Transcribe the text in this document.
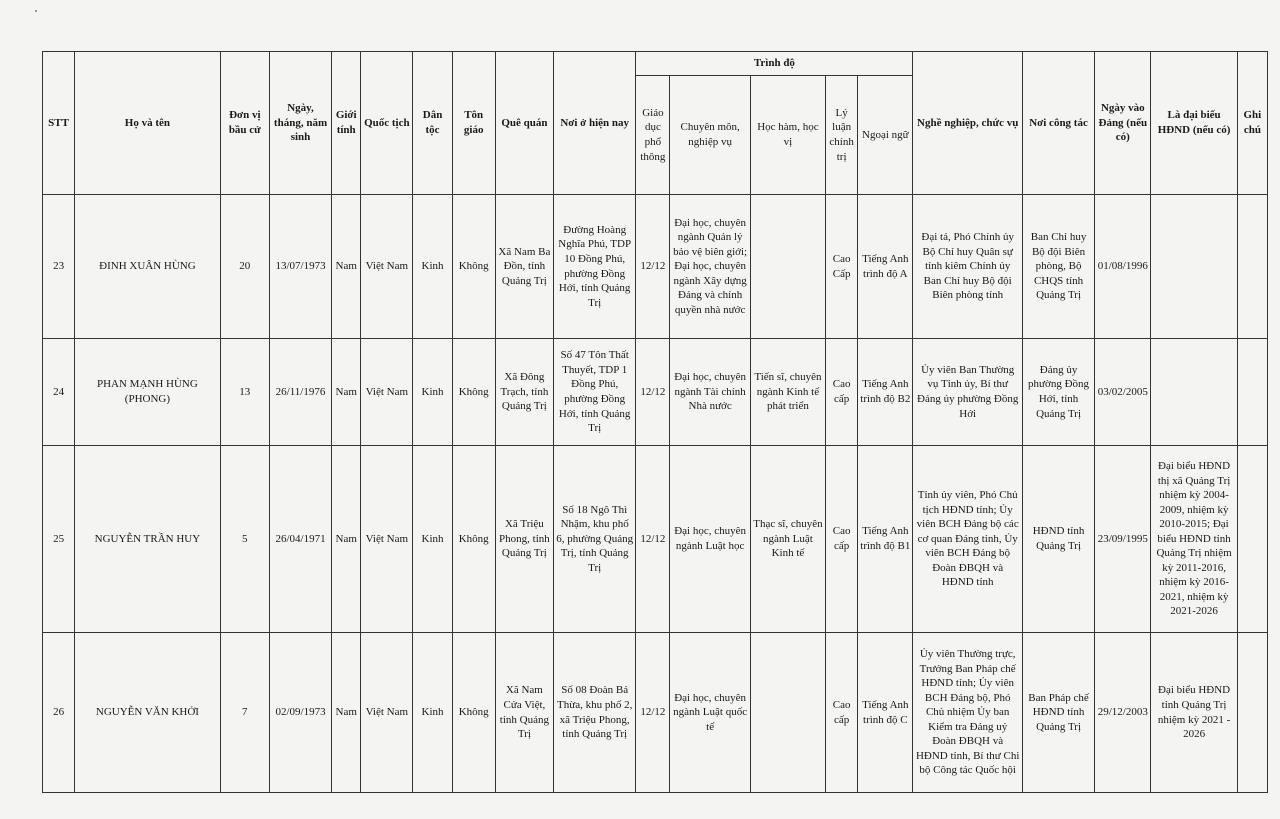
STT	Họ và tên	Đơn vị bầu cử	Ngày, tháng, năm sinh	Giới tính	Quốc tịch	Dân tộc	Tôn giáo	Quê quán	Nơi ở hiện nay	Trình độ					Nghề nghiệp, chức vụ	Nơi công tác	Ngày vào Đảng (nếu có)	Là đại biểu HĐND (nếu có)	Ghi chú
										Giáo dục phổ thông	Chuyên môn, nghiệp vụ	Học hàm, học vị	Lý luận chính trị	Ngoại ngữ					
23	ĐINH XUÂN HÙNG	20	13/07/1973	Nam	Việt Nam	Kinh	Không	Xã Nam Ba Đồn, tỉnh Quảng Trị	Đường Hoàng Nghĩa Phú, TDP 10 Đồng Phú, phường Đồng Hới, tỉnh Quảng Trị	12/12	Đại học, chuyên ngành Quản lý bảo vệ biên giới; Đại học, chuyên ngành Xây dựng Đảng và chính quyền nhà nước		Cao Cấp	Tiếng Anh trình độ A	Đại tá, Phó Chính ủy Bộ Chỉ huy Quân sự tỉnh kiêm Chính ủy Ban Chỉ huy Bộ đội Biên phòng tỉnh	Ban Chỉ huy Bộ đội Biên phòng, Bộ CHQS tỉnh Quảng Trị	01/08/1996		
24	PHAN MẠNH HÙNG (PHONG)	13	26/11/1976	Nam	Việt Nam	Kinh	Không	Xã Đông Trạch, tỉnh Quảng Trị	Số 47 Tôn Thất Thuyết, TDP 1 Đồng Phú, phường Đồng Hới, tỉnh Quảng Trị	12/12	Đại học, chuyên ngành Tài chính Nhà nước	Tiến sĩ, chuyên ngành Kinh tế phát triển	Cao cấp	Tiếng Anh trình độ B2	Ủy viên Ban Thường vụ Tỉnh ủy, Bí thư Đảng ủy phường Đồng Hới	Đảng ủy phường Đồng Hới, tỉnh Quảng Trị	03/02/2005		
25	NGUYỄN TRẦN HUY	5	26/04/1971	Nam	Việt Nam	Kinh	Không	Xã Triệu Phong, tỉnh Quảng Trị	Số 18 Ngô Thì Nhậm, khu phố 6, phường Quảng Trị, tỉnh Quảng Trị	12/12	Đại học, chuyên ngành Luật học	Thạc sĩ, chuyên ngành Luật Kinh tế	Cao cấp	Tiếng Anh trình độ B1	Tỉnh ủy viên, Phó Chủ tịch HĐND tỉnh; Ủy viên BCH Đảng bộ các cơ quan Đảng tỉnh, Ủy viên BCH Đảng bộ Đoàn ĐBQH và HĐND tỉnh	HĐND tỉnh Quảng Trị	23/09/1995	Đại biểu HĐND thị xã Quảng Trị nhiệm kỳ 2004-2009, nhiệm kỳ 2010-2015; Đại biểu HĐND tỉnh Quảng Trị nhiệm kỳ 2011-2016, nhiệm kỳ 2016-2021, nhiệm kỳ 2021-2026	
26	NGUYỄN VĂN KHỞI	7	02/09/1973	Nam	Việt Nam	Kinh	Không	Xã Nam Cửa Việt, tỉnh Quảng Trị	Số 08 Đoàn Bá Thừa, khu phố 2, xã Triệu Phong, tỉnh Quảng Trị	12/12	Đại học, chuyên ngành Luật quốc tế		Cao cấp	Tiếng Anh trình độ C	Ủy viên Thường trực, Trưởng Ban Pháp chế HĐND tỉnh; Ủy viên BCH Đảng bộ, Phó Chủ nhiệm Ủy ban Kiểm tra Đảng uỷ Đoàn ĐBQH và HĐND tỉnh, Bí thư Chi bộ Công tác Quốc hội	Ban Pháp chế HĐND tỉnh Quảng Trị	29/12/2003	Đại biểu HĐND tỉnh Quảng Trị nhiệm kỳ 2021 - 2026	
